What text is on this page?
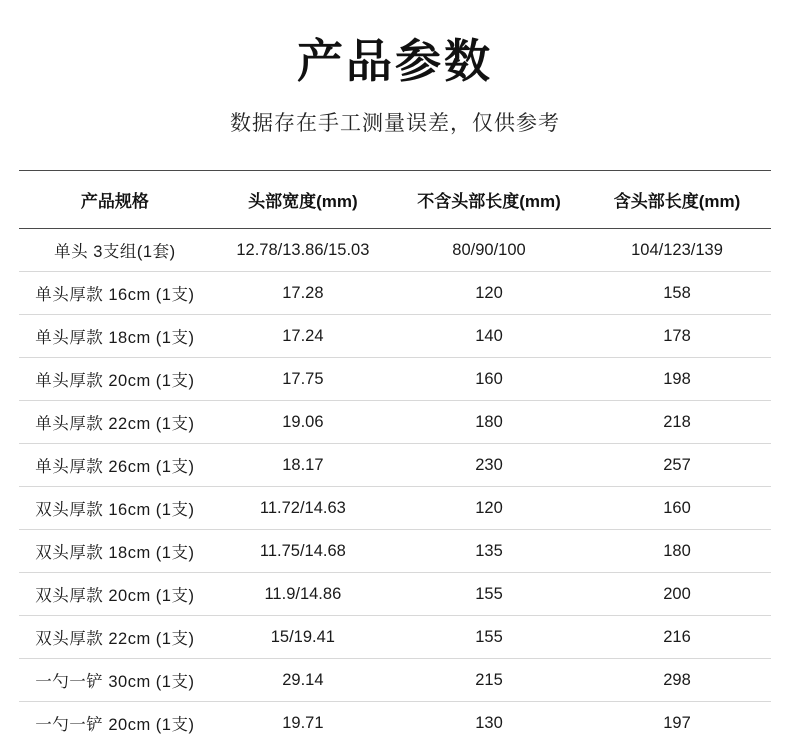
产品参数

数据存在手工测量误差，仅供参考

产品规格	头部宽度(mm)	不含头部长度(mm)	含头部长度(mm)
单头 3支组(1套)	12.78/13.86/15.03	80/90/100	104/123/139
单头厚款 16cm (1支)	17.28	120	158
单头厚款 18cm (1支)	17.24	140	178
单头厚款 20cm (1支)	17.75	160	198
单头厚款 22cm (1支)	19.06	180	218
单头厚款 26cm (1支)	18.17	230	257
双头厚款 16cm (1支)	11.72/14.63	120	160
双头厚款 18cm (1支)	11.75/14.68	135	180
双头厚款 20cm (1支)	11.9/14.86	155	200
双头厚款 22cm (1支)	15/19.41	155	216
一勺一铲 30cm (1支)	29.14	215	298
一勺一铲 20cm (1支)	19.71	130	197
